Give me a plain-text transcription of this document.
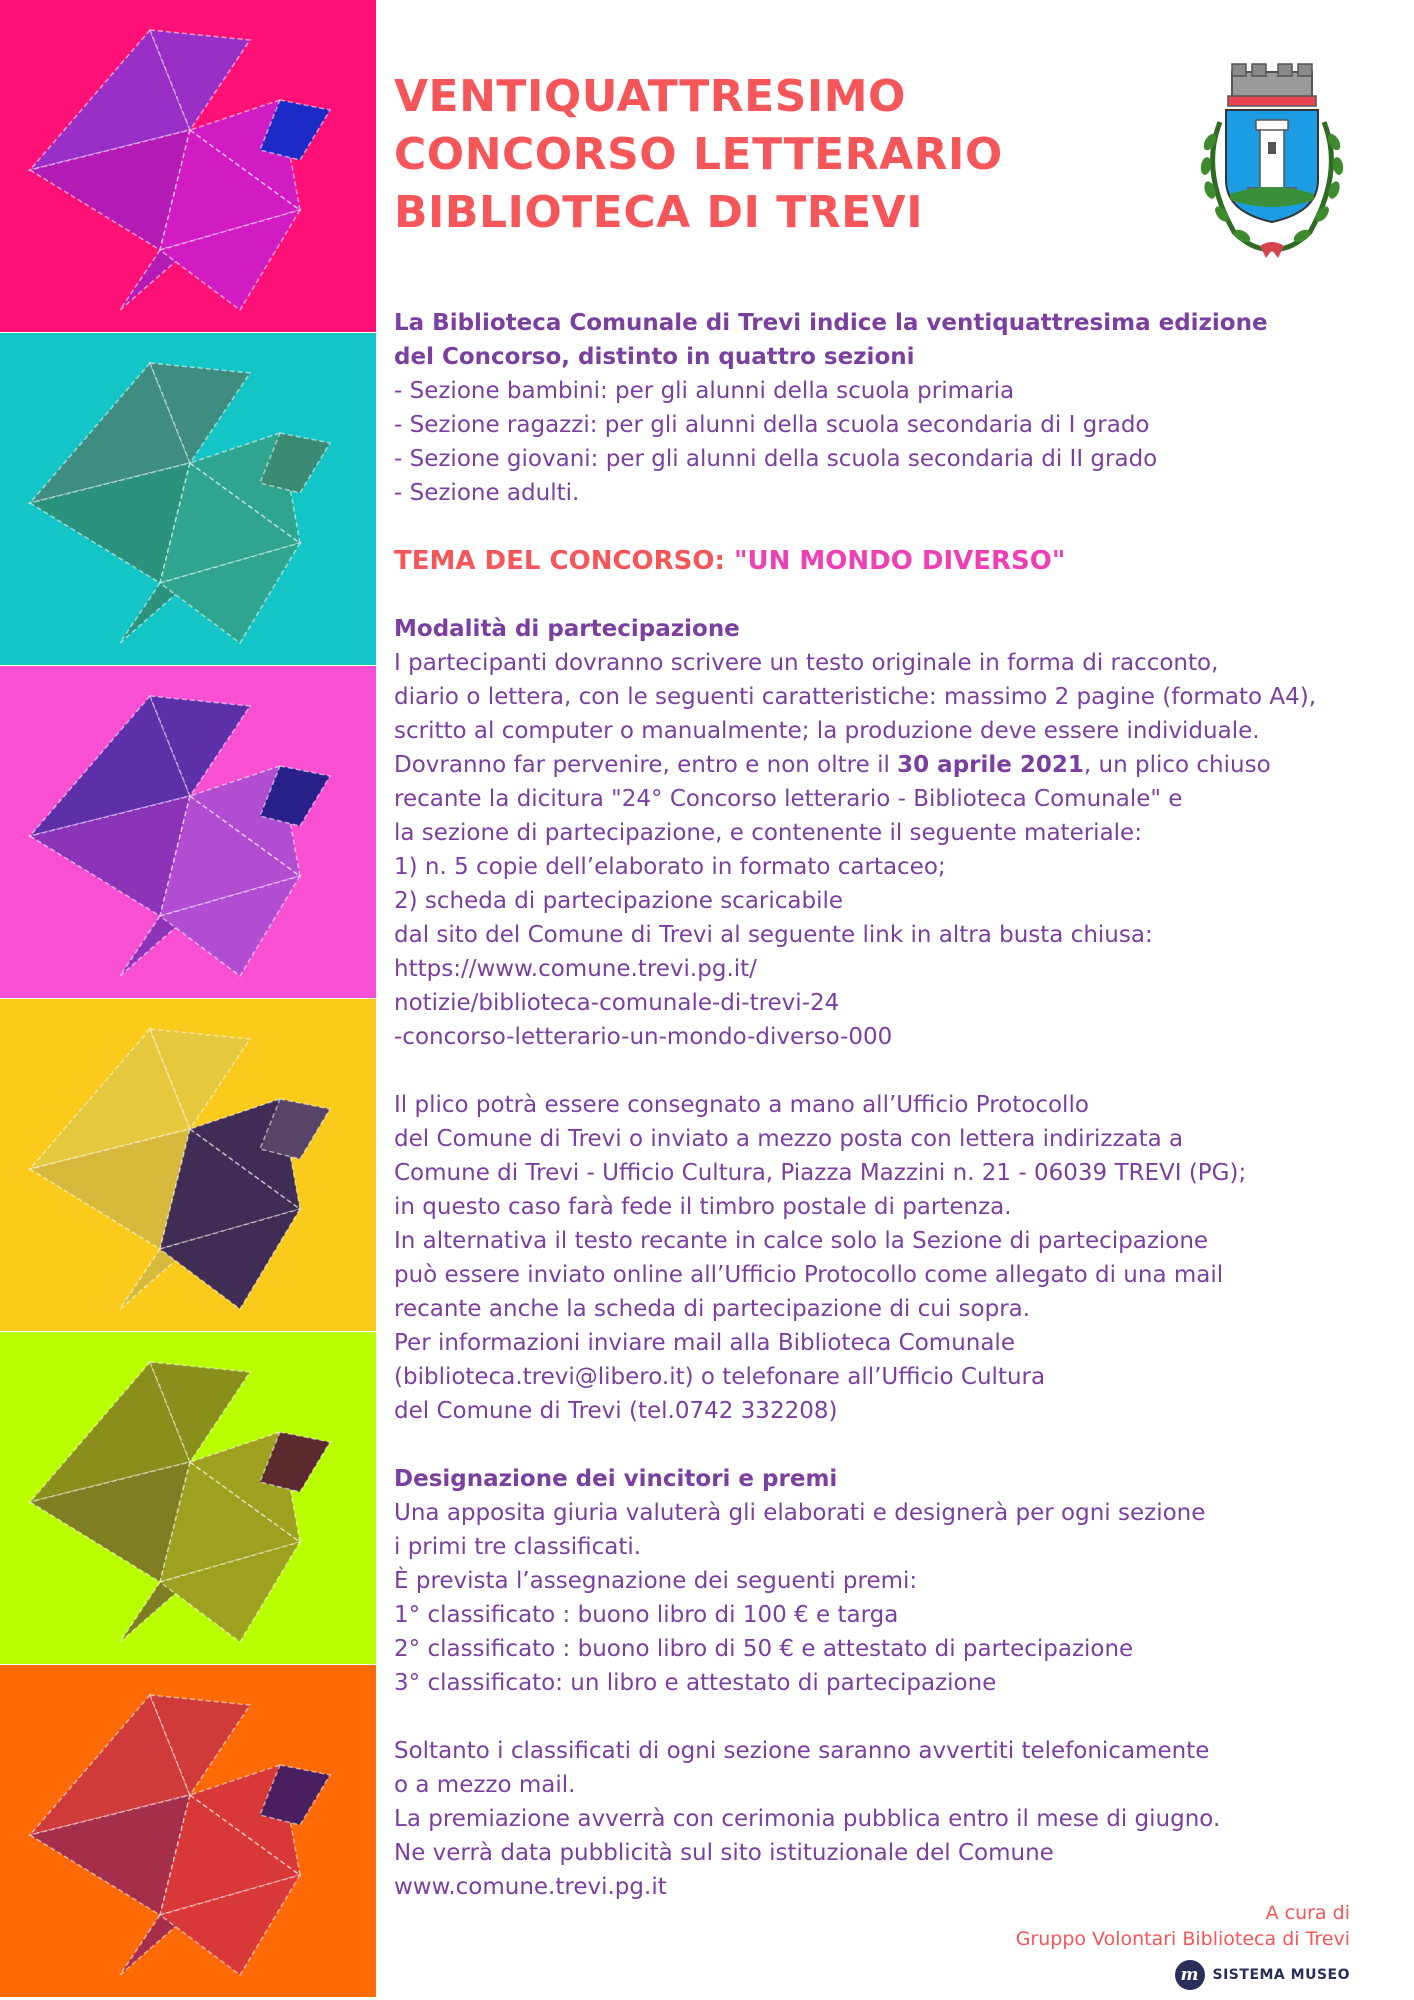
VENTIQUATTRESIMO
CONCORSO LETTERARIO
BIBLIOTECA DI TREVI

La Biblioteca Comunale di Trevi indice la ventiquattresima edizione

del Concorso, distinto in quattro sezioni

- Sezione bambini: per gli alunni della scuola primaria

- Sezione ragazzi: per gli alunni della scuola secondaria di I grado

- Sezione giovani: per gli alunni della scuola secondaria di II grado

- Sezione adulti.

TEMA DEL CONCORSO: "UN MONDO DIVERSO"

Modalità di partecipazione

I partecipanti dovranno scrivere un testo originale in forma di racconto,

diario o lettera, con le seguenti caratteristiche: massimo 2 pagine (formato A4),

scritto al computer o manualmente; la produzione deve essere individuale.

Dovranno far pervenire, entro e non oltre il 30 aprile 2021, un plico chiuso

recante la dicitura "24° Concorso letterario - Biblioteca Comunale" e

la sezione di partecipazione, e contenente il seguente materiale:

1) n. 5 copie dell’elaborato in formato cartaceo;

2) scheda di partecipazione scaricabile

dal sito del Comune di Trevi al seguente link in altra busta chiusa:

https://www.comune.trevi.pg.it/

notizie/biblioteca-comunale-di-trevi-24

-concorso-letterario-un-mondo-diverso-000

Il plico potrà essere consegnato a mano all’Ufficio Protocollo

del Comune di Trevi o inviato a mezzo posta con lettera indirizzata a

Comune di Trevi - Ufficio Cultura, Piazza Mazzini n. 21 - 06039 TREVI (PG);

in questo caso farà fede il timbro postale di partenza.

In alternativa il testo recante in calce solo la Sezione di partecipazione

può essere inviato online all’Ufficio Protocollo come allegato di una mail

recante anche la scheda di partecipazione di cui sopra.

Per informazioni inviare mail alla Biblioteca Comunale

(biblioteca.trevi@libero.it) o telefonare all’Ufficio Cultura

del Comune di Trevi (tel.0742 332208)

Designazione dei vincitori e premi

Una apposita giuria valuterà gli elaborati e designerà per ogni sezione

i primi tre classificati.

È prevista l’assegnazione dei seguenti premi:

1° classificato : buono libro di 100 € e targa

2° classificato : buono libro di 50 € e attestato di partecipazione

3° classificato: un libro e attestato di partecipazione

Soltanto i classificati di ogni sezione saranno avvertiti telefonicamente

o a mezzo mail.

La premiazione avverrà con cerimonia pubblica entro il mese di giugno.

Ne verrà data pubblicità sul sito istituzionale del Comune

www.comune.trevi.pg.it

A cura di

Gruppo Volontari Biblioteca di Trevi

m	SISTEMA MUSEO
